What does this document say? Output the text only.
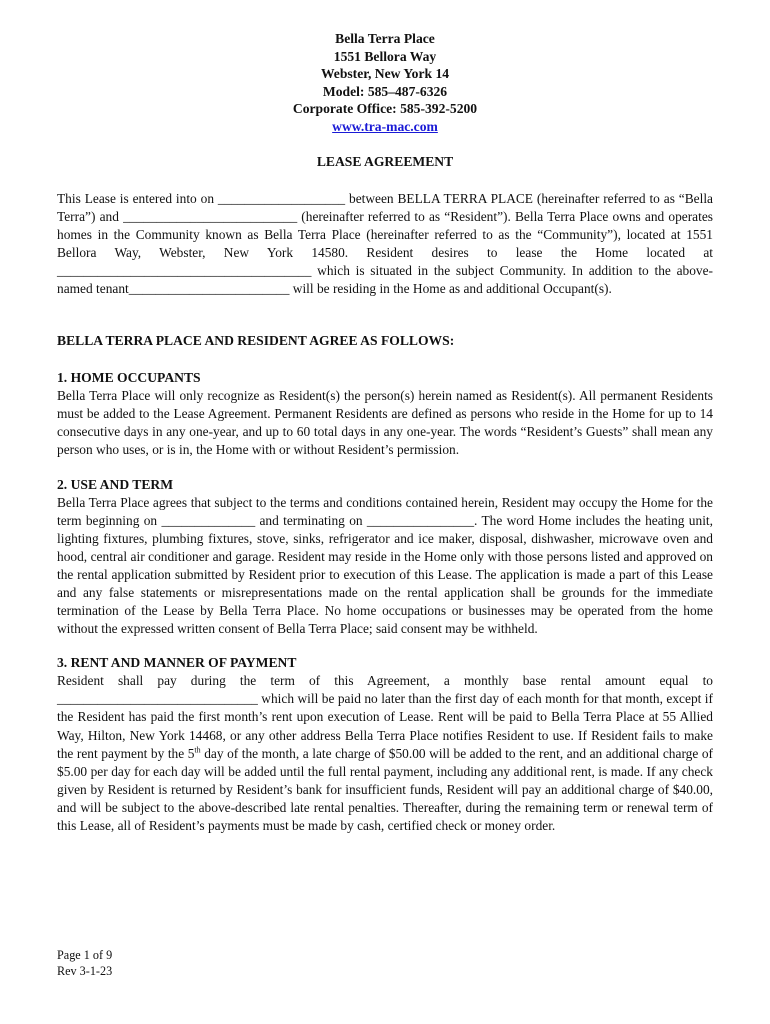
Bella Terra Place
1551 Bellora Way
Webster, New York 14
Model: 585–487-6326
Corporate Office: 585-392-5200
www.tra-mac.com
LEASE AGREEMENT

This Lease is entered into on ___________________ between BELLA TERRA PLACE (hereinafter referred to as “Bella Terra”) and __________________________ (hereinafter referred to as “Resident”). Bella Terra Place owns and operates homes in the Community known as Bella Terra Place (hereinafter referred to as the “Community”), located at 1551 Bellora Way, Webster, New York 14580. Resident desires to lease the Home located at ______________________________________ which is situated in the subject Community. In addition to the above-named tenant________________________ will be residing in the Home as and additional Occupant(s).

BELLA TERRA PLACE AND RESIDENT AGREE AS FOLLOWS:
1. HOME OCCUPANTS

Bella Terra Place will only recognize as Resident(s) the person(s) herein named as Resident(s). All permanent Residents must be added to the Lease Agreement. Permanent Residents are defined as persons who reside in the Home for up to 14 consecutive days in any one-year, and up to 60 total days in any one-year. The words “Resident’s Guests” shall mean any person who uses, or is in, the Home with or without Resident’s permission.

2. USE AND TERM

Bella Terra Place agrees that subject to the terms and conditions contained herein, Resident may occupy the Home for the term beginning on ______________ and terminating on ________________. The word Home includes the heating unit, lighting fixtures, plumbing fixtures, stove, sinks, refrigerator and ice maker, disposal, dishwasher, microwave oven and hood, central air conditioner and garage. Resident may reside in the Home only with those persons listed and approved on the rental application submitted by Resident prior to execution of this Lease. The application is made a part of this Lease and any false statements or misrepresentations made on the rental application shall be grounds for the immediate termination of the Lease by Bella Terra Place. No home occupations or businesses may be operated from the home without the expressed written consent of Bella Terra Place; said consent may be withheld.

3. RENT AND MANNER OF PAYMENT

Resident shall pay during the term of this Agreement, a monthly base rental amount equal to ______________________________ which will be paid no later than the first day of each month for that month, except if the Resident has paid the first month’s rent upon execution of Lease. Rent will be paid to Bella Terra Place at 55 Allied Way, Hilton, New York 14468, or any other address Bella Terra Place notifies Resident to use. If Resident fails to make the rent payment by the 5th day of the month, a late charge of $50.00 will be added to the rent, and an additional charge of $5.00 per day for each day will be added until the full rental payment, including any additional rent, is made. If any check given by Resident is returned by Resident’s bank for insufficient funds, Resident will pay an additional charge of $40.00, and will be subject to the above-described late rental penalties. Thereafter, during the remaining term or renewal term of this Lease, all of Resident’s payments must be made by cash, certified check or money order.

Page 1 of 9
Rev 3-1-23
